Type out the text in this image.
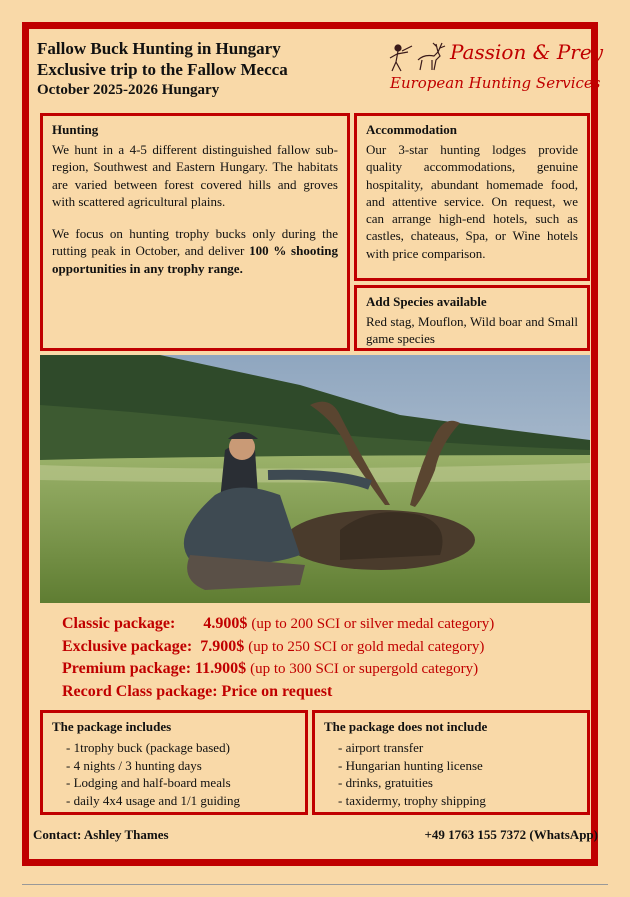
Fallow Buck Hunting in Hungary
Exclusive trip to the Fallow Mecca
October 2025-2026 Hungary
Passion & Prey
European Hunting Services
Hunting

We hunt in a 4-5 different distinguished fallow sub-region, Southwest and Eastern Hungary. The habitats are varied between forest covered hills and groves with scattered agricultural plains.

We focus on hunting trophy bucks only during the rutting peak in October, and deliver 100 % shooting opportunities in any trophy range.

Accommodation

Our 3-star hunting lodges provide quality accommodations, genuine hospitality, abundant homemade food, and attentive service. On request, we can arrange high-end hotels, such as castles, chateaus, Spa, or Wine hotels with price comparison.

Add Species available

Red stag, Mouflon, Wild boar and Small game species

Classic package: 4.900$ (up to 200 SCI or silver medal category)
Exclusive package: 7.900$ (up to 250 SCI or gold medal category)
Premium package: 11.900$ (up to 300 SCI or supergold category)
Record Class package: Price on request
The package includes
- 1trophy buck (package based)
- 4 nights / 3 hunting days
- Lodging and half-board meals
- daily 4x4 usage and 1/1 guiding
The package does not include
- airport transfer
- Hungarian hunting license
- drinks, gratuities
- taxidermy, trophy shipping
Contact: Ashley Thames	+49 1763 155 7372 (WhatsApp)
